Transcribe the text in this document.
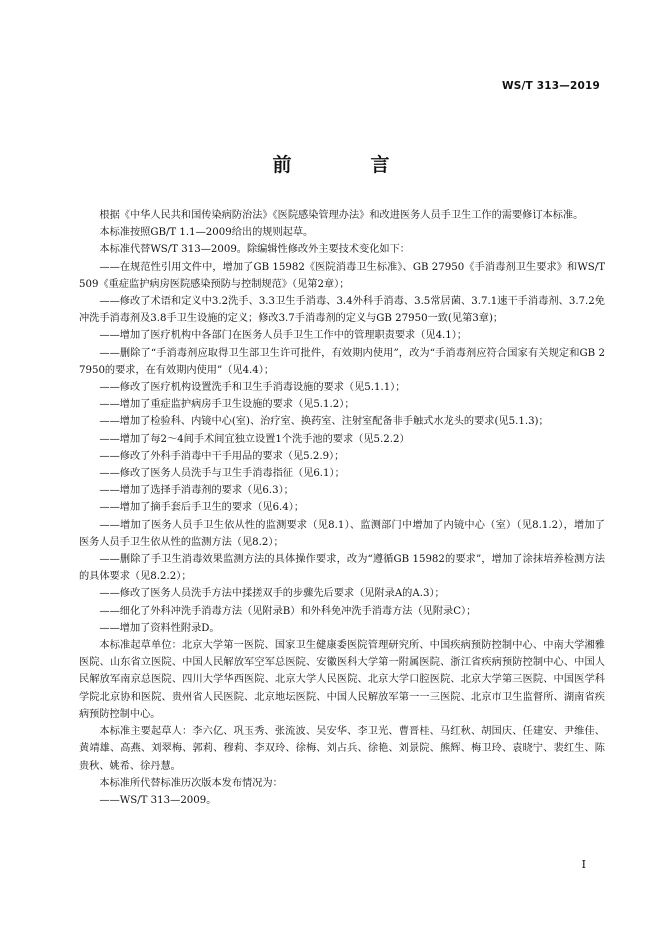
WS/T 313—2019
前　言

根据《中华人民共和国传染病防治法》《医院感染管理办法》和改进医务人员手卫生工作的需要修订本标准。

本标准按照GB/T 1.1—2009给出的规则起草。

本标准代替WS/T 313—2009。除编辑性修改外主要技术变化如下：

——在规范性引用文件中，增加了GB 15982《医院消毒卫生标准》、GB 27950《手消毒剂卫生要求》和WS/T 509《重症监护病房医院感染预防与控制规范》（见第2章）；

——修改了术语和定义中3.2洗手、3.3卫生手消毒、3.4外科手消毒、3.5常居菌、3.7.1速干手消毒剂、3.7.2免冲洗手消毒剂及3.8手卫生设施的定义；修改3.7手消毒剂的定义与GB 27950一致(见第3章)；

——增加了医疗机构中各部门在医务人员手卫生工作中的管理职责要求（见4.1）；

——删除了“手消毒剂应取得卫生部卫生许可批件，有效期内使用”，改为“手消毒剂应符合国家有关规定和GB 27950的要求，在有效期内使用”（见4.4）；

——修改了医疗机构设置洗手和卫生手消毒设施的要求（见5.1.1）；

——增加了重症监护病房手卫生设施的要求（见5.1.2）；

——增加了检验科、内镜中心(室)、治疗室、换药室、注射室配备非手触式水龙头的要求(见5.1.3)；

——增加了每2～4间手术间宜独立设置1个洗手池的要求（见5.2.2）

——修改了外科手消毒中干手用品的要求（见5.2.9）；

——修改了医务人员洗手与卫生手消毒指征（见6.1）；

——增加了选择手消毒剂的要求（见6.3）；

——增加了摘手套后手卫生的要求（见6.4）；

——增加了医务人员手卫生依从性的监测要求（见8.1）、监测部门中增加了内镜中心（室）（见8.1.2），增加了医务人员手卫生依从性的监测方法（见8.2）；

——删除了手卫生消毒效果监测方法的具体操作要求，改为“遵循GB 15982的要求”，增加了涂抹培养检测方法的具体要求（见8.2.2）；

——修改了医务人员洗手方法中揉搓双手的步骤先后要求（见附录A的A.3）；

——细化了外科冲洗手消毒方法（见附录B）和外科免冲洗手消毒方法（见附录C）；

——增加了资料性附录D。

本标准起草单位：北京大学第一医院、国家卫生健康委医院管理研究所、中国疾病预防控制中心、中南大学湘雅医院、山东省立医院、中国人民解放军空军总医院、安徽医科大学第一附属医院、浙江省疾病预防控制中心、中国人民解放军南京总医院、四川大学华西医院、北京大学人民医院、北京大学口腔医院、北京大学第三医院、中国医学科学院北京协和医院、贵州省人民医院、北京地坛医院、中国人民解放军第一一三医院、北京市卫生监督所、湖南省疾病预防控制中心。

本标准主要起草人：李六亿、巩玉秀、张流波、吴安华、李卫光、曹晋桂、马红秋、胡国庆、任建安、尹维佳、黄靖雄、高燕、刘翠梅、郭莉、穆莉、李双玲、徐梅、刘占兵、徐艳、刘景院、熊辉、梅卫玲、袁晓宁、裴红生、陈贵秋、姚希、徐丹慧。

本标准所代替标准历次版本发布情况为：

——WS/T 313—2009。

I
